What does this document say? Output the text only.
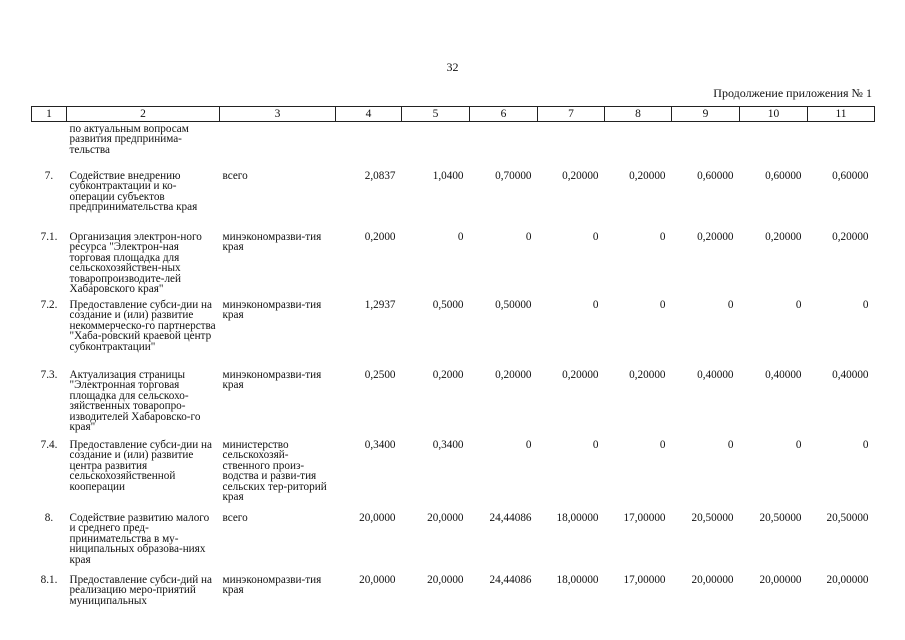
32
Продолжение приложения № 1
1	2	3	4	5	6	7	8	9	10	11
	по актуальным вопросам развития предпринима-тельства									
7.	Содействие внедрению субконтрактации и ко-операции субъектов предпринимательства края	всего	2,0837	1,0400	0,70000	0,20000	0,20000	0,60000	0,60000	0,60000
7.1.	Организация электрон-ного ресурса "Электрон-ная торговая площадка для сельскохозяйствен-ных товаропроизводите-лей Хабаровского края"	минэкономразви-тия края	0,2000	0	0	0	0	0,20000	0,20000	0,20000
7.2.	Предоставление субси-дии на создание и (или) развитие некоммерческо-го партнерства "Хаба-ровский краевой центр субконтрактации"	минэкономразви-тия края	1,2937	0,5000	0,50000	0	0	0	0	0
7.3.	Актуализация страницы "Электронная торговая площадка для сельскохо-зяйственных товаропро-изводителей Хабаровско-го края"	минэкономразви-тия края	0,2500	0,2000	0,20000	0,20000	0,20000	0,40000	0,40000	0,40000
7.4.	Предоставление субси-дии на создание и (или) развитие центра развития сельскохозяйственной кооперации	министерство сельскохозяй-ственного произ-водства и разви-тия сельских тер-риторий края	0,3400	0,3400	0	0	0	0	0	0
8.	Содействие развитию малого и среднего пред-принимательства в му-ниципальных образова-ниях края	всего	20,0000	20,0000	24,44086	18,00000	17,00000	20,50000	20,50000	20,50000
8.1.	Предоставление субси-дий на реализацию меро-приятий муниципальных	минэкономразви-тия края	20,0000	20,0000	24,44086	18,00000	17,00000	20,00000	20,00000	20,00000
